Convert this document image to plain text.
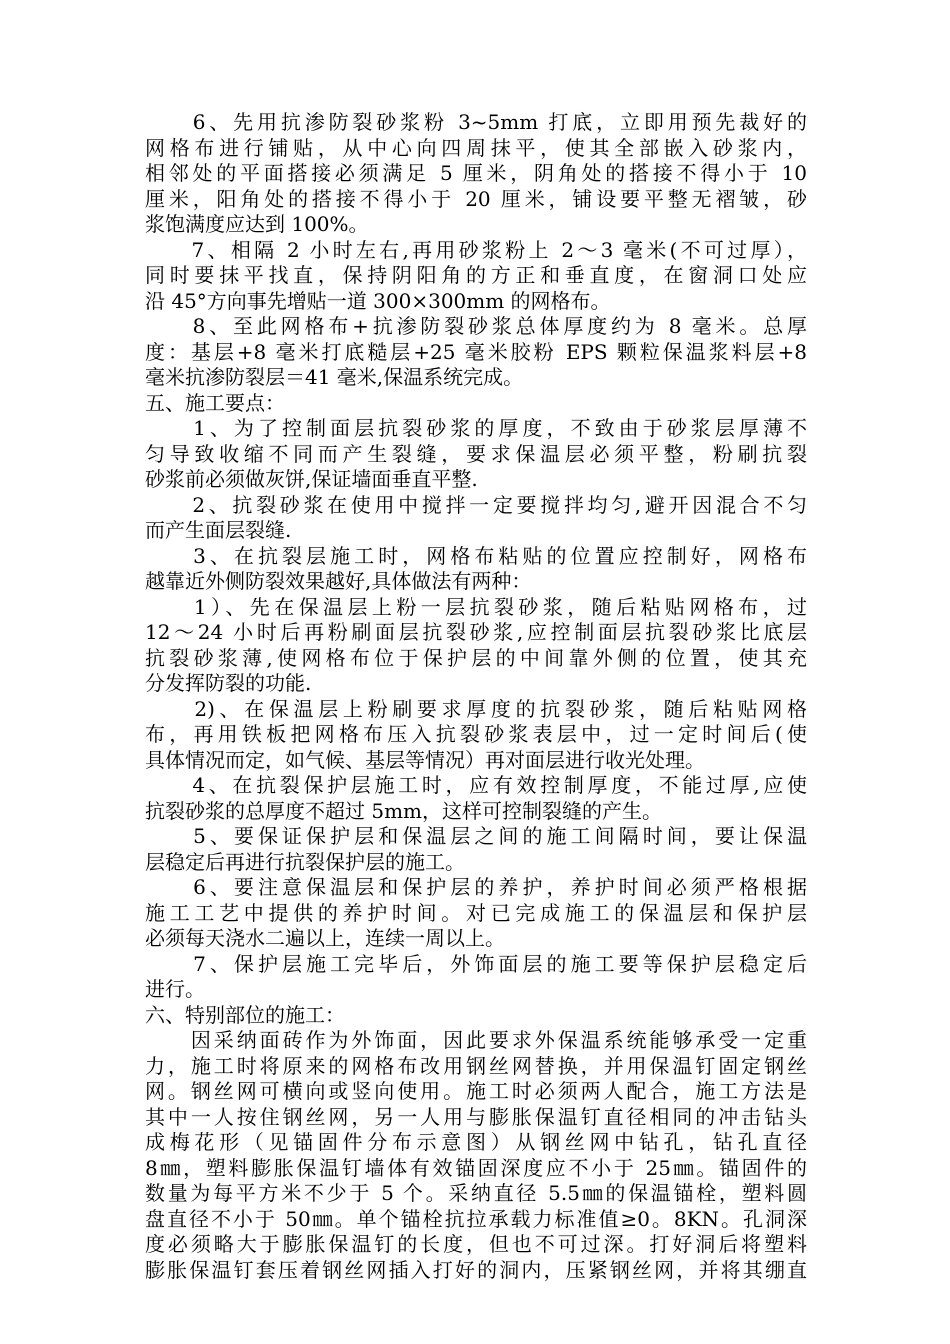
　　6、先用抗渗防裂砂浆粉 3~5mm 打底，立即用预先裁好的
网格布进行铺贴，从中心向四周抹平，使其全部嵌入砂浆内，
相邻处的平面搭接必须满足 5 厘米，阴角处的搭接不得小于 10
厘米，阳角处的搭接不得小于 20 厘米，铺设要平整无褶皱，砂
浆饱满度应达到 100%。
　　7、相隔 2 小时左右,再用砂浆粉上 2～3 毫米(不可过厚），
同时要抹平找直，保持阴阳角的方正和垂直度，在窗洞口处应
沿 45°方向事先增贴一道 300×300mm 的网格布。
　　8、至此网格布+抗渗防裂砂浆总体厚度约为 8 毫米。总厚
度：基层+8 毫米打底糙层+25 毫米胶粉 EPS 颗粒保温浆料层+8
毫米抗渗防裂层＝41 毫米,保温系统完成。
五、施工要点：
　　1、为了控制面层抗裂砂浆的厚度，不致由于砂浆层厚薄不
匀导致收缩不同而产生裂缝，要求保温层必须平整，粉刷抗裂
砂浆前必须做灰饼,保证墙面垂直平整.
　　2、抗裂砂浆在使用中搅拌一定要搅拌均匀,避开因混合不匀
而产生面层裂缝.
　　3、在抗裂层施工时，网格布粘贴的位置应控制好，网格布
越靠近外侧防裂效果越好,具体做法有两种：
　　1）、先在保温层上粉一层抗裂砂浆，随后粘贴网格布，过
12～24 小时后再粉刷面层抗裂砂浆,应控制面层抗裂砂浆比底层
抗裂砂浆薄,使网格布位于保护层的中间靠外侧的位置，使其充
分发挥防裂的功能.
　　2)、在保温层上粉刷要求厚度的抗裂砂浆，随后粘贴网格
布，再用铁板把网格布压入抗裂砂浆表层中，过一定时间后(使
具体情况而定，如气候、基层等情况）再对面层进行收光处理。
　　4、在抗裂保护层施工时，应有效控制厚度，不能过厚,应使
抗裂砂浆的总厚度不超过 5mm，这样可控制裂缝的产生。
　　5、要保证保护层和保温层之间的施工间隔时间，要让保温
层稳定后再进行抗裂保护层的施工。
　　6、要注意保温层和保护层的养护，养护时间必须严格根据
施工工艺中提供的养护时间。对已完成施工的保温层和保护层
必须每天浇水二遍以上，连续一周以上。
　　7、保护层施工完毕后，外饰面层的施工要等保护层稳定后
进行。
六、特别部位的施工：
　　因采纳面砖作为外饰面，因此要求外保温系统能够承受一定重
力，施工时将原来的网格布改用钢丝网替换，并用保温钉固定钢丝
网。钢丝网可横向或竖向使用。施工时必须两人配合，施工方法是
其中一人按住钢丝网，另一人用与膨胀保温钉直径相同的冲击钻头
成梅花形（见锚固件分布示意图）从钢丝网中钻孔，钻孔直径
8㎜，塑料膨胀保温钉墙体有效锚固深度应不小于 25㎜。锚固件的
数量为每平方米不少于 5 个。采纳直径 5.5㎜的保温锚栓，塑料圆
盘直径不小于 50㎜。单个锚栓抗拉承载力标准值≥0。8KN。孔洞深
度必须略大于膨胀保温钉的长度，但也不可过深。打好洞后将塑料
膨胀保温钉套压着钢丝网插入打好的洞内，压紧钢丝网，并将其绷直
